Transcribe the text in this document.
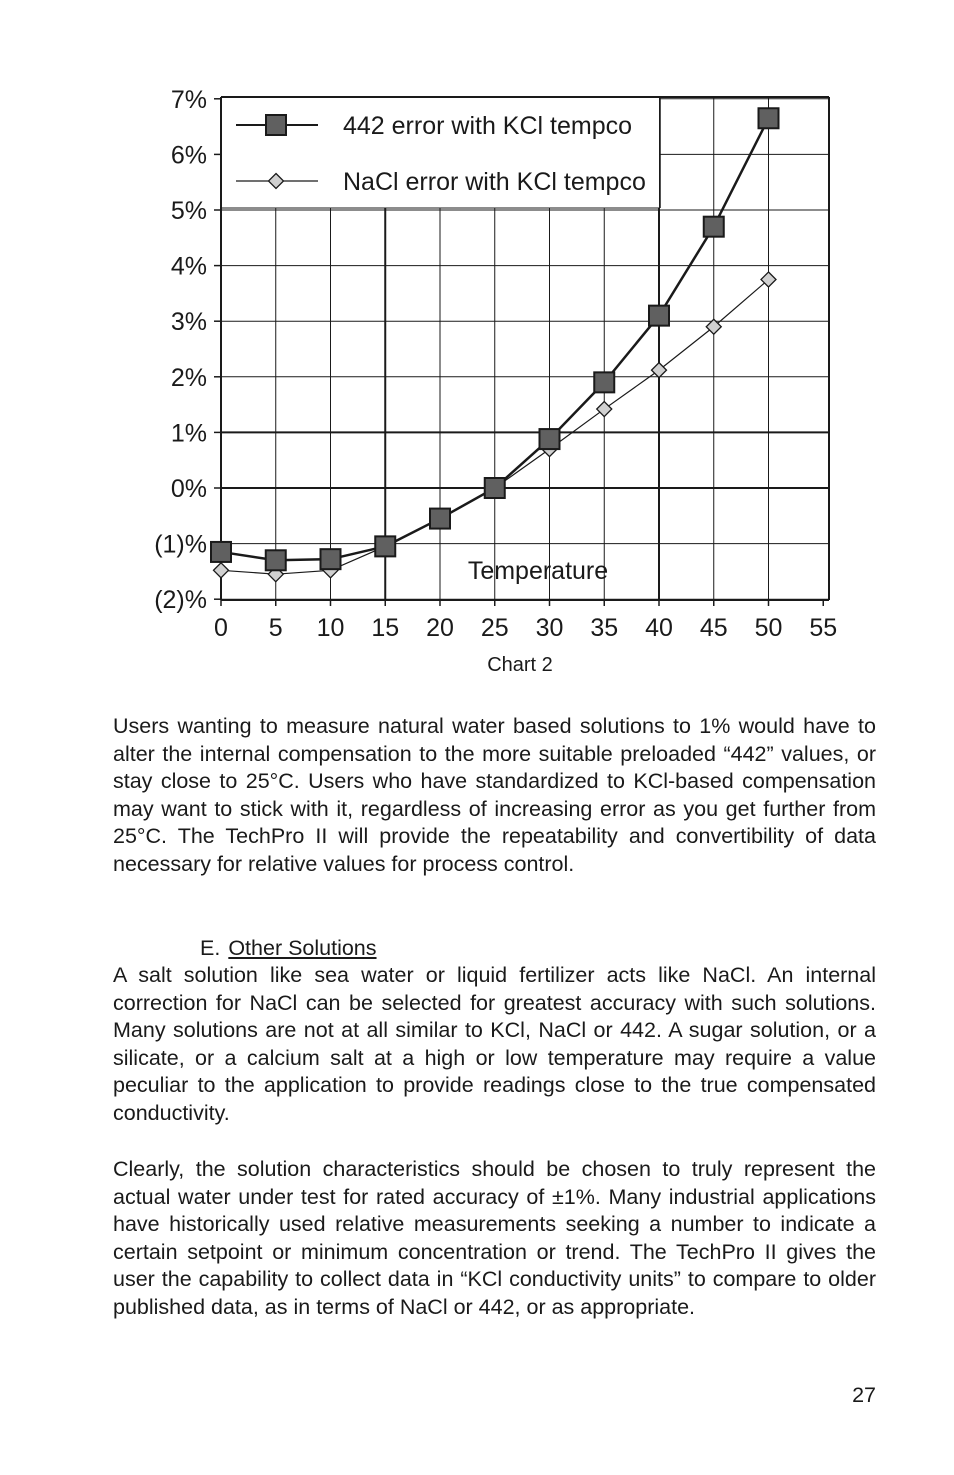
(2)%
(1)%
0%
1%
2%
3%
4%
5%
6%
7%
0 5 10 15 20 25 30 35 40 45 50 55
442 error with KCl tempco
NaCl error with KCl tempco
Temperature
Chart 2

Users wanting to measure natural water based solutions to 1% would have to alter the internal compensation to the more suitable preloaded “442” values, or stay close to 25°C. Users who have standardized to KCl-based compensation may want to stick with it, regardless of increasing error as you get further from 25°C. The TechPro II will provide the repeatability and convertibility of data necessary for relative values for process control.

E. Other Solutions

A salt solution like sea water or liquid fertilizer acts like NaCl. An internal correction for NaCl can be selected for greatest accuracy with such solutions. Many solutions are not at all similar to KCl, NaCl or 442. A sugar solution, or a silicate, or a calcium salt at a high or low temperature may require a value peculiar to the application to provide readings close to the true compensated conductivity.

Clearly, the solution characteristics should be chosen to truly represent the actual water under test for rated accuracy of ±1%. Many industrial applications have historically used relative measurements seeking a number to indicate a certain setpoint or minimum concentration or trend. The TechPro II gives the user the capability to collect data in “KCl conductivity units” to compare to older published data, as in terms of NaCl or 442, or as appropriate.

27
